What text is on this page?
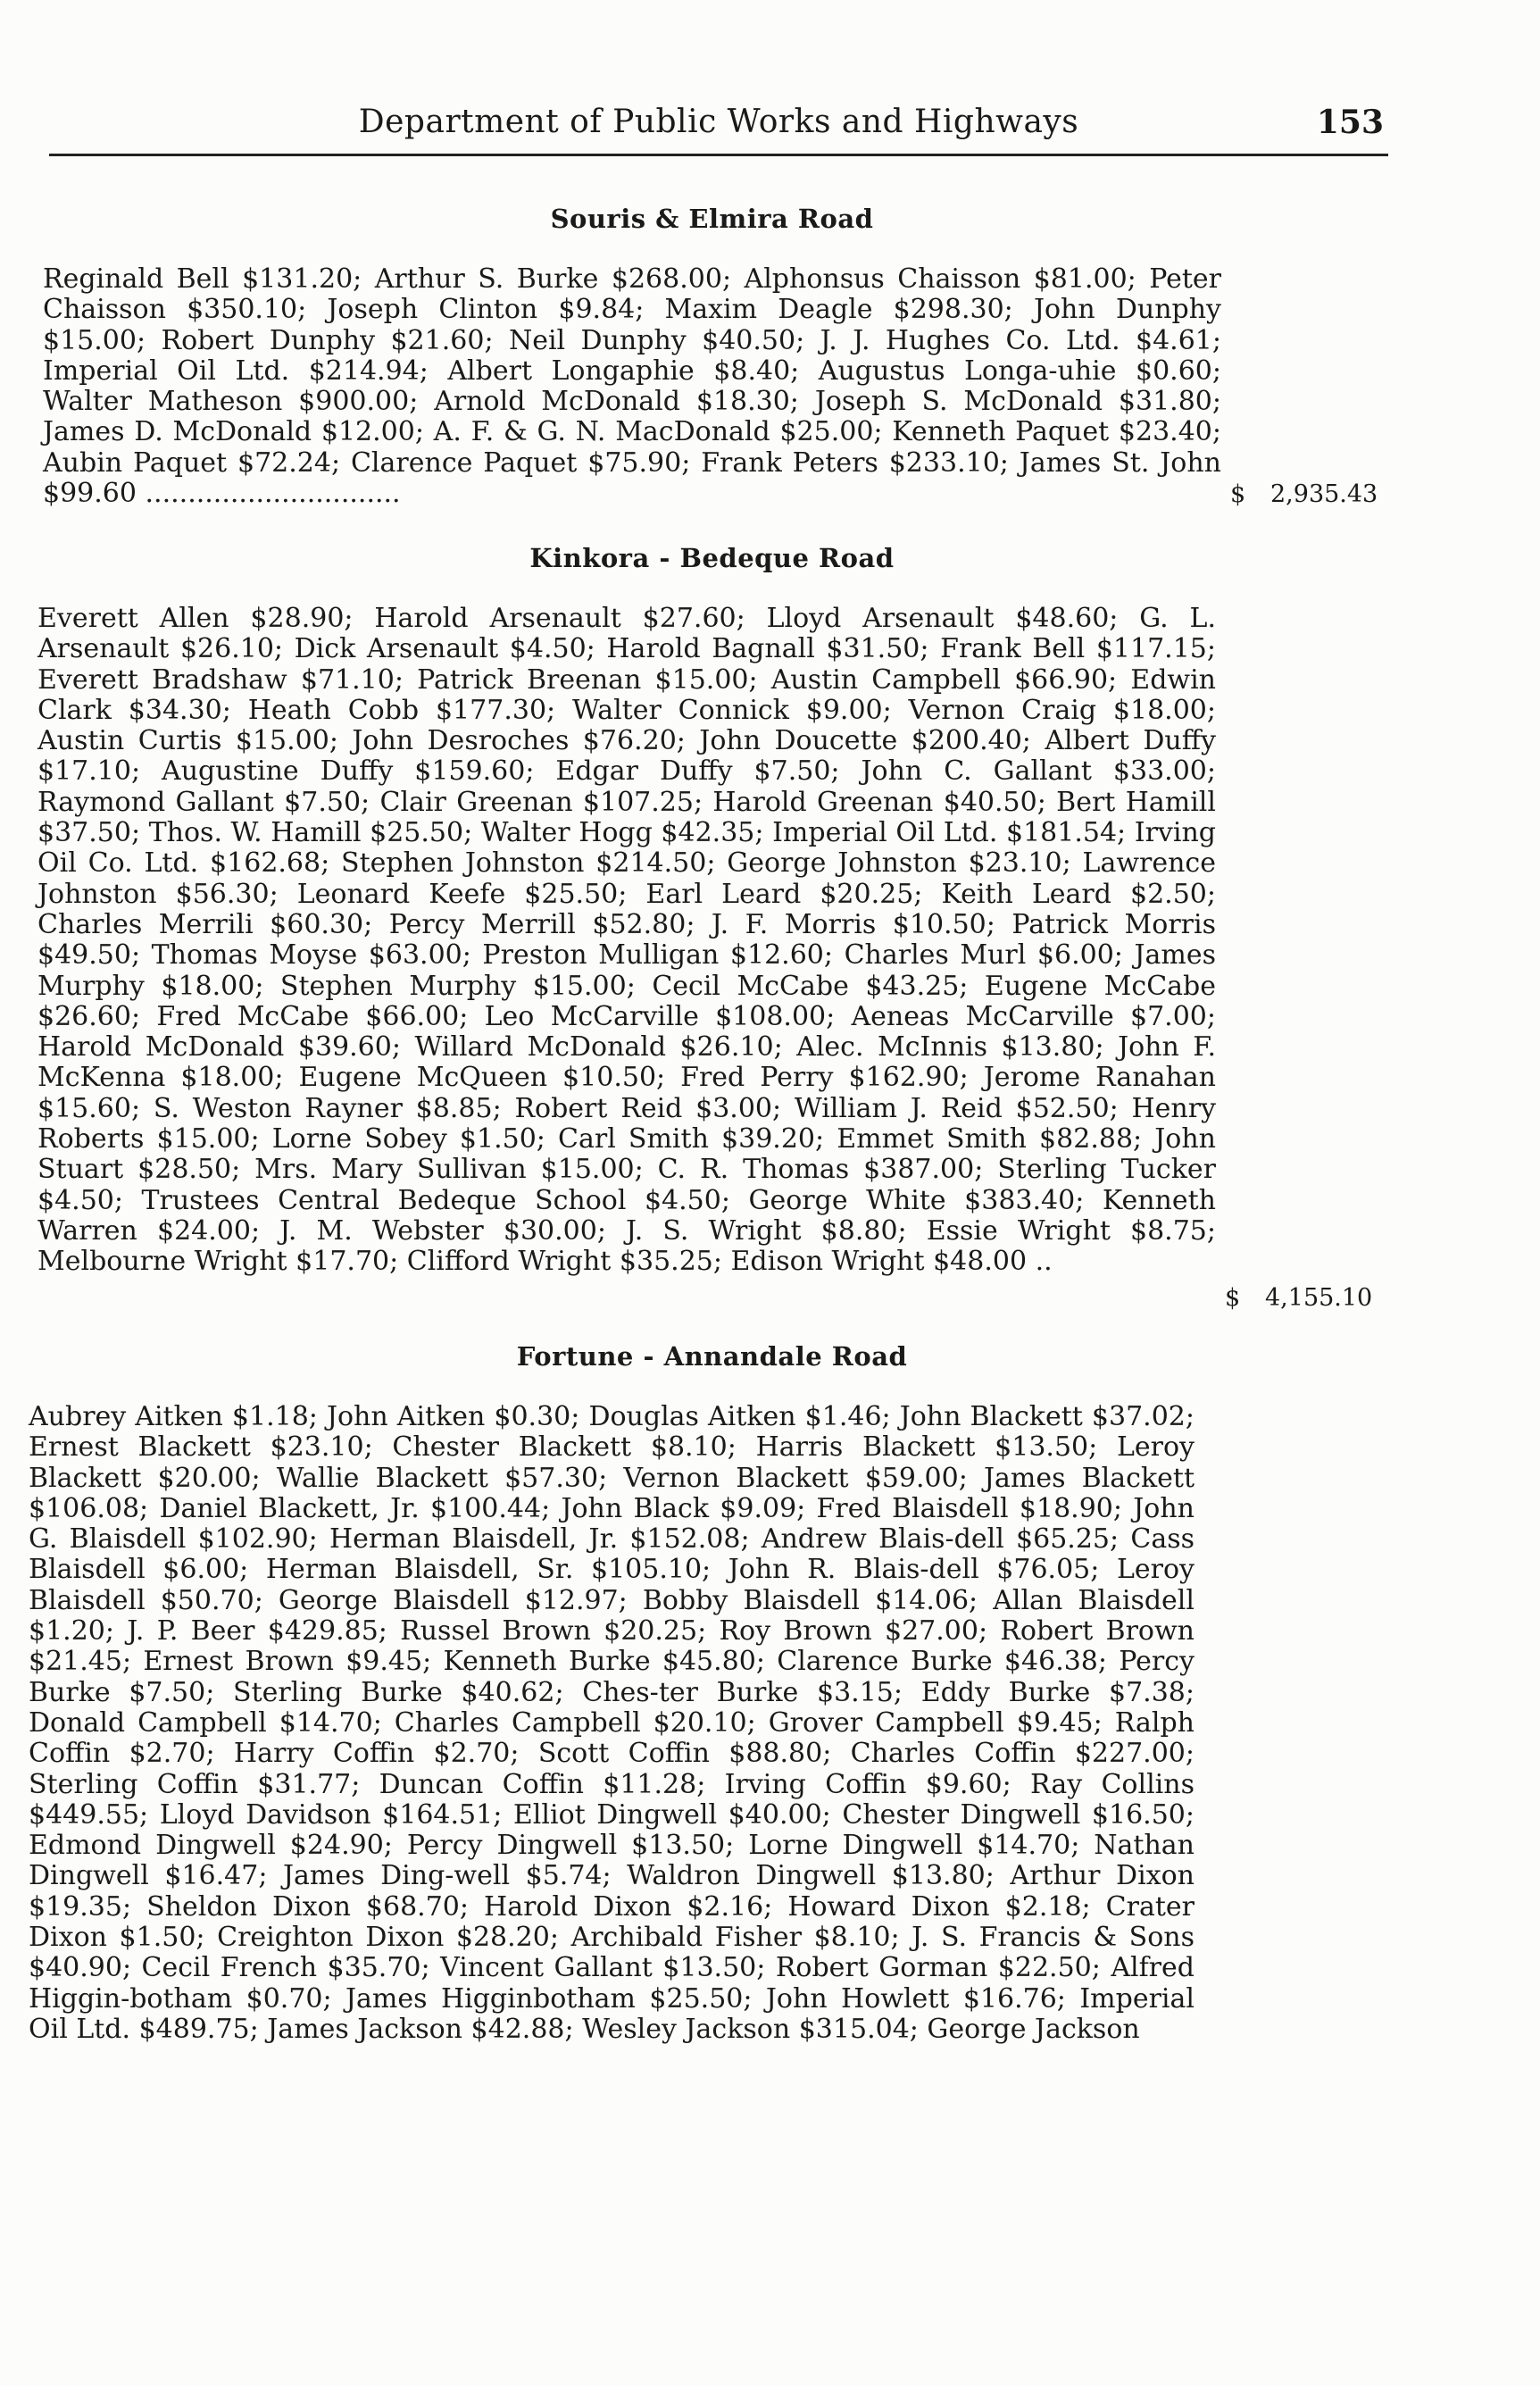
Department of Public Works and Highways	153
Souris & Elmira Road
Reginald Bell $131.20; Arthur S. Burke $268.00; Alphonsus Chaisson $81.00; Peter Chaisson $350.10; Joseph Clinton $9.84; Maxim Deagle $298.30; John Dunphy $15.00; Robert Dunphy $21.60; Neil Dunphy $40.50; J. J. Hughes Co. Ltd. $4.61; Imperial Oil Ltd. $214.94; Albert Longaphie $8.40; Augustus Longa-uhie $0.60; Walter Matheson $900.00; Arnold McDonald $18.30; Joseph S. McDonald $31.80; James D. McDonald $12.00; A. F. & G. N. MacDonald $25.00; Kenneth Paquet $23.40; Aubin Paquet $72.24; Clarence Paquet $75.90; Frank Peters $233.10; James St. John $99.60 ..............................	$ 2,935.43
Kinkora - Bedeque Road
Everett Allen $28.90; Harold Arsenault $27.60; Lloyd Arsenault $48.60; G. L. Arsenault $26.10; Dick Arsenault $4.50; Harold Bagnall $31.50; Frank Bell $117.15; Everett Bradshaw $71.10; Patrick Breenan $15.00; Austin Campbell $66.90; Edwin Clark $34.30; Heath Cobb $177.30; Walter Connick $9.00; Vernon Craig $18.00; Austin Curtis $15.00; John Desroches $76.20; John Doucette $200.40; Albert Duffy $17.10; Augustine Duffy $159.60; Edgar Duffy $7.50; John C. Gallant $33.00; Raymond Gallant $7.50; Clair Greenan $107.25; Harold Greenan $40.50; Bert Hamill $37.50; Thos. W. Hamill $25.50; Walter Hogg $42.35; Imperial Oil Ltd. $181.54; Irving Oil Co. Ltd. $162.68; Stephen Johnston $214.50; George Johnston $23.10; Lawrence Johnston $56.30; Leonard Keefe $25.50; Earl Leard $20.25; Keith Leard $2.50; Charles Merrili $60.30; Percy Merrill $52.80; J. F. Morris $10.50; Patrick Morris $49.50; Thomas Moyse $63.00; Preston Mulligan $12.60; Charles Murl $6.00; James Murphy $18.00; Stephen Murphy $15.00; Cecil McCabe $43.25; Eugene McCabe $26.60; Fred McCabe $66.00; Leo McCarville $108.00; Aeneas McCarville $7.00; Harold McDonald $39.60; Willard McDonald $26.10; Alec. McInnis $13.80; John F. McKenna $18.00; Eugene McQueen $10.50; Fred Perry $162.90; Jerome Ranahan $15.60; S. Weston Rayner $8.85; Robert Reid $3.00; William J. Reid $52.50; Henry Roberts $15.00; Lorne Sobey $1.50; Carl Smith $39.20; Emmet Smith $82.88; John Stuart $28.50; Mrs. Mary Sullivan $15.00; C. R. Thomas $387.00; Sterling Tucker $4.50; Trustees Central Bedeque School $4.50; George White $383.40; Kenneth Warren $24.00; J. M. Webster $30.00; J. S. Wright $8.80; Essie Wright $8.75; Melbourne Wright $17.70; Clifford Wright $35.25; Edison Wright $48.00 ..
$ 4,155.10
Fortune - Annandale Road
Aubrey Aitken $1.18; John Aitken $0.30; Douglas Aitken $1.46; John Blackett $37.02; Ernest Blackett $23.10; Chester Blackett $8.10; Harris Blackett $13.50; Leroy Blackett $20.00; Wallie Blackett $57.30; Vernon Blackett $59.00; James Blackett $106.08; Daniel Blackett, Jr. $100.44; John Black $9.09; Fred Blaisdell $18.90; John G. Blaisdell $102.90; Herman Blaisdell, Jr. $152.08; Andrew Blais-dell $65.25; Cass Blaisdell $6.00; Herman Blaisdell, Sr. $105.10; John R. Blais-dell $76.05; Leroy Blaisdell $50.70; George Blaisdell $12.97; Bobby Blaisdell $14.06; Allan Blaisdell $1.20; J. P. Beer $429.85; Russel Brown $20.25; Roy Brown $27.00; Robert Brown $21.45; Ernest Brown $9.45; Kenneth Burke $45.80; Clarence Burke $46.38; Percy Burke $7.50; Sterling Burke $40.62; Ches-ter Burke $3.15; Eddy Burke $7.38; Donald Campbell $14.70; Charles Campbell $20.10; Grover Campbell $9.45; Ralph Coffin $2.70; Harry Coffin $2.70; Scott Coffin $88.80; Charles Coffin $227.00; Sterling Coffin $31.77; Duncan Coffin $11.28; Irving Coffin $9.60; Ray Collins $449.55; Lloyd Davidson $164.51; Elliot Dingwell $40.00; Chester Dingwell $16.50; Edmond Dingwell $24.90; Percy Dingwell $13.50; Lorne Dingwell $14.70; Nathan Dingwell $16.47; James Ding-well $5.74; Waldron Dingwell $13.80; Arthur Dixon $19.35; Sheldon Dixon $68.70; Harold Dixon $2.16; Howard Dixon $2.18; Crater Dixon $1.50; Creighton Dixon $28.20; Archibald Fisher $8.10; J. S. Francis & Sons $40.90; Cecil French $35.70; Vincent Gallant $13.50; Robert Gorman $22.50; Alfred Higgin-botham $0.70; James Higginbotham $25.50; John Howlett $16.76; Imperial Oil Ltd. $489.75; James Jackson $42.88; Wesley Jackson $315.04; George Jackson
